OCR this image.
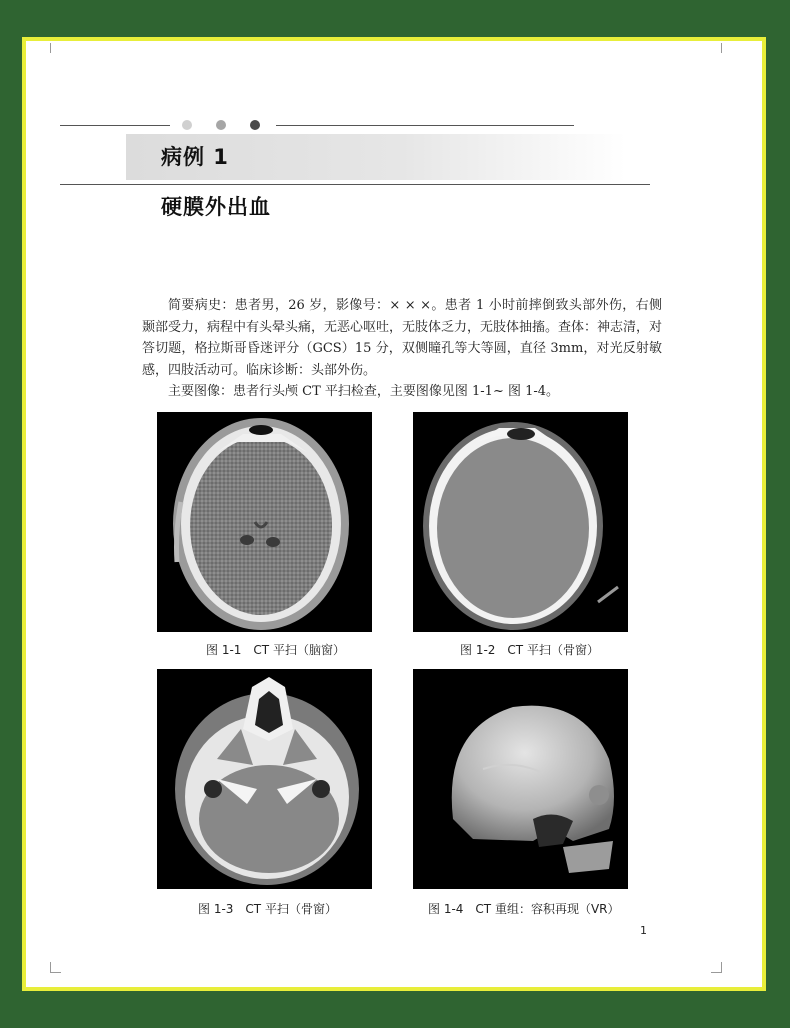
病例 1
硬膜外出血

简要病史：患者男，26 岁，影像号：× × ×。患者 1 小时前摔倒致头部外伤，右侧颞部受力，病程中有头晕头痛，无恶心呕吐，无肢体乏力，无肢体抽搐。查体：神志清，对答切题，格拉斯哥昏迷评分（GCS）15 分，双侧瞳孔等大等圆，直径 3mm，对光反射敏感，四肢活动可。临床诊断：头部外伤。

主要图像：患者行头颅 CT 平扫检查，主要图像见图 1-1~ 图 1-4。

图 1-1　CT 平扫（脑窗）	图 1-2　CT 平扫（骨窗）
图 1-3　CT 平扫（骨窗）	图 1-4　CT 重组：容积再现（VR）
1
